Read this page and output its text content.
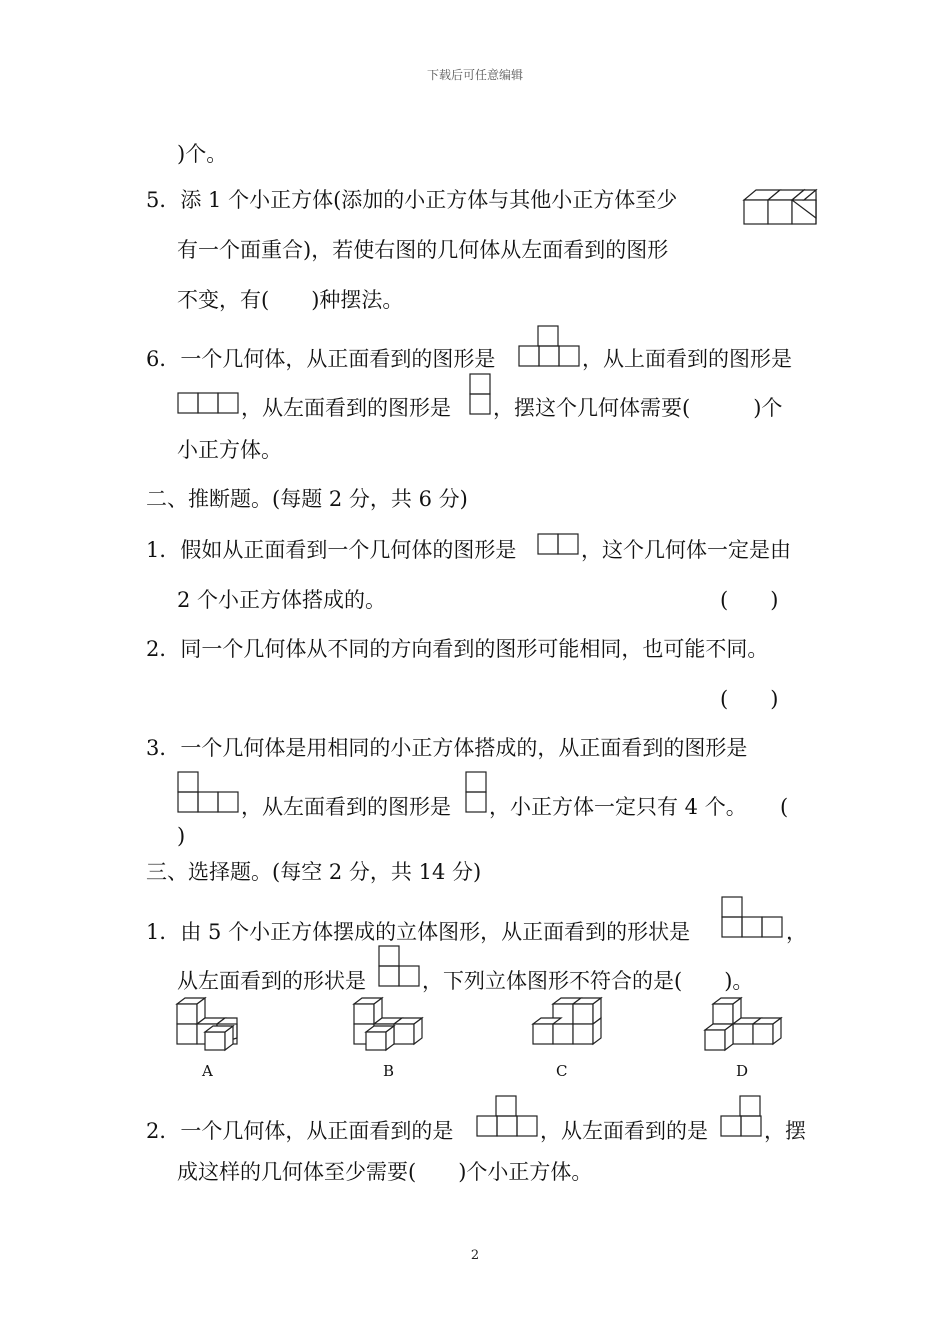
下载后可任意编辑
)个。
5．添 1 个小正方体(添加的小正方体与其他小正方体至少
有一个面重合)，若使右图的几何体从左面看到的图形
不变，有(　　)种摆法。
6．一个几何体，从正面看到的图形是	，从上面看到的图形是
，从左面看到的图形是 ，摆这个几何体需要(　　　)个
小正方体。
二、推断题。(每题 2 分，共 6 分)
1．假如从正面看到一个几何体的图形是	，这个几何体一定是由
2 个小正方体搭成的。	(　　)
2．同一个几何体从不同的方向看到的图形可能相同，也可能不同。
(　　)
3．一个几何体是用相同的小正方体搭成的，从正面看到的图形是
，从左面看到的图形是 ，小正方体一定只有 4 个。 (
)
三、选择题。(每空 2 分，共 14 分)
1．由 5 个小正方体摆成的立体图形，从正面看到的形状是	，
从左面看到的形状是	，下列立体图形不符合的是(　　)。
A	B	C	D
2．一个几何体，从正面看到的是	，从左面看到的是	，摆
成这样的几何体至少需要(　　)个小正方体。
2
